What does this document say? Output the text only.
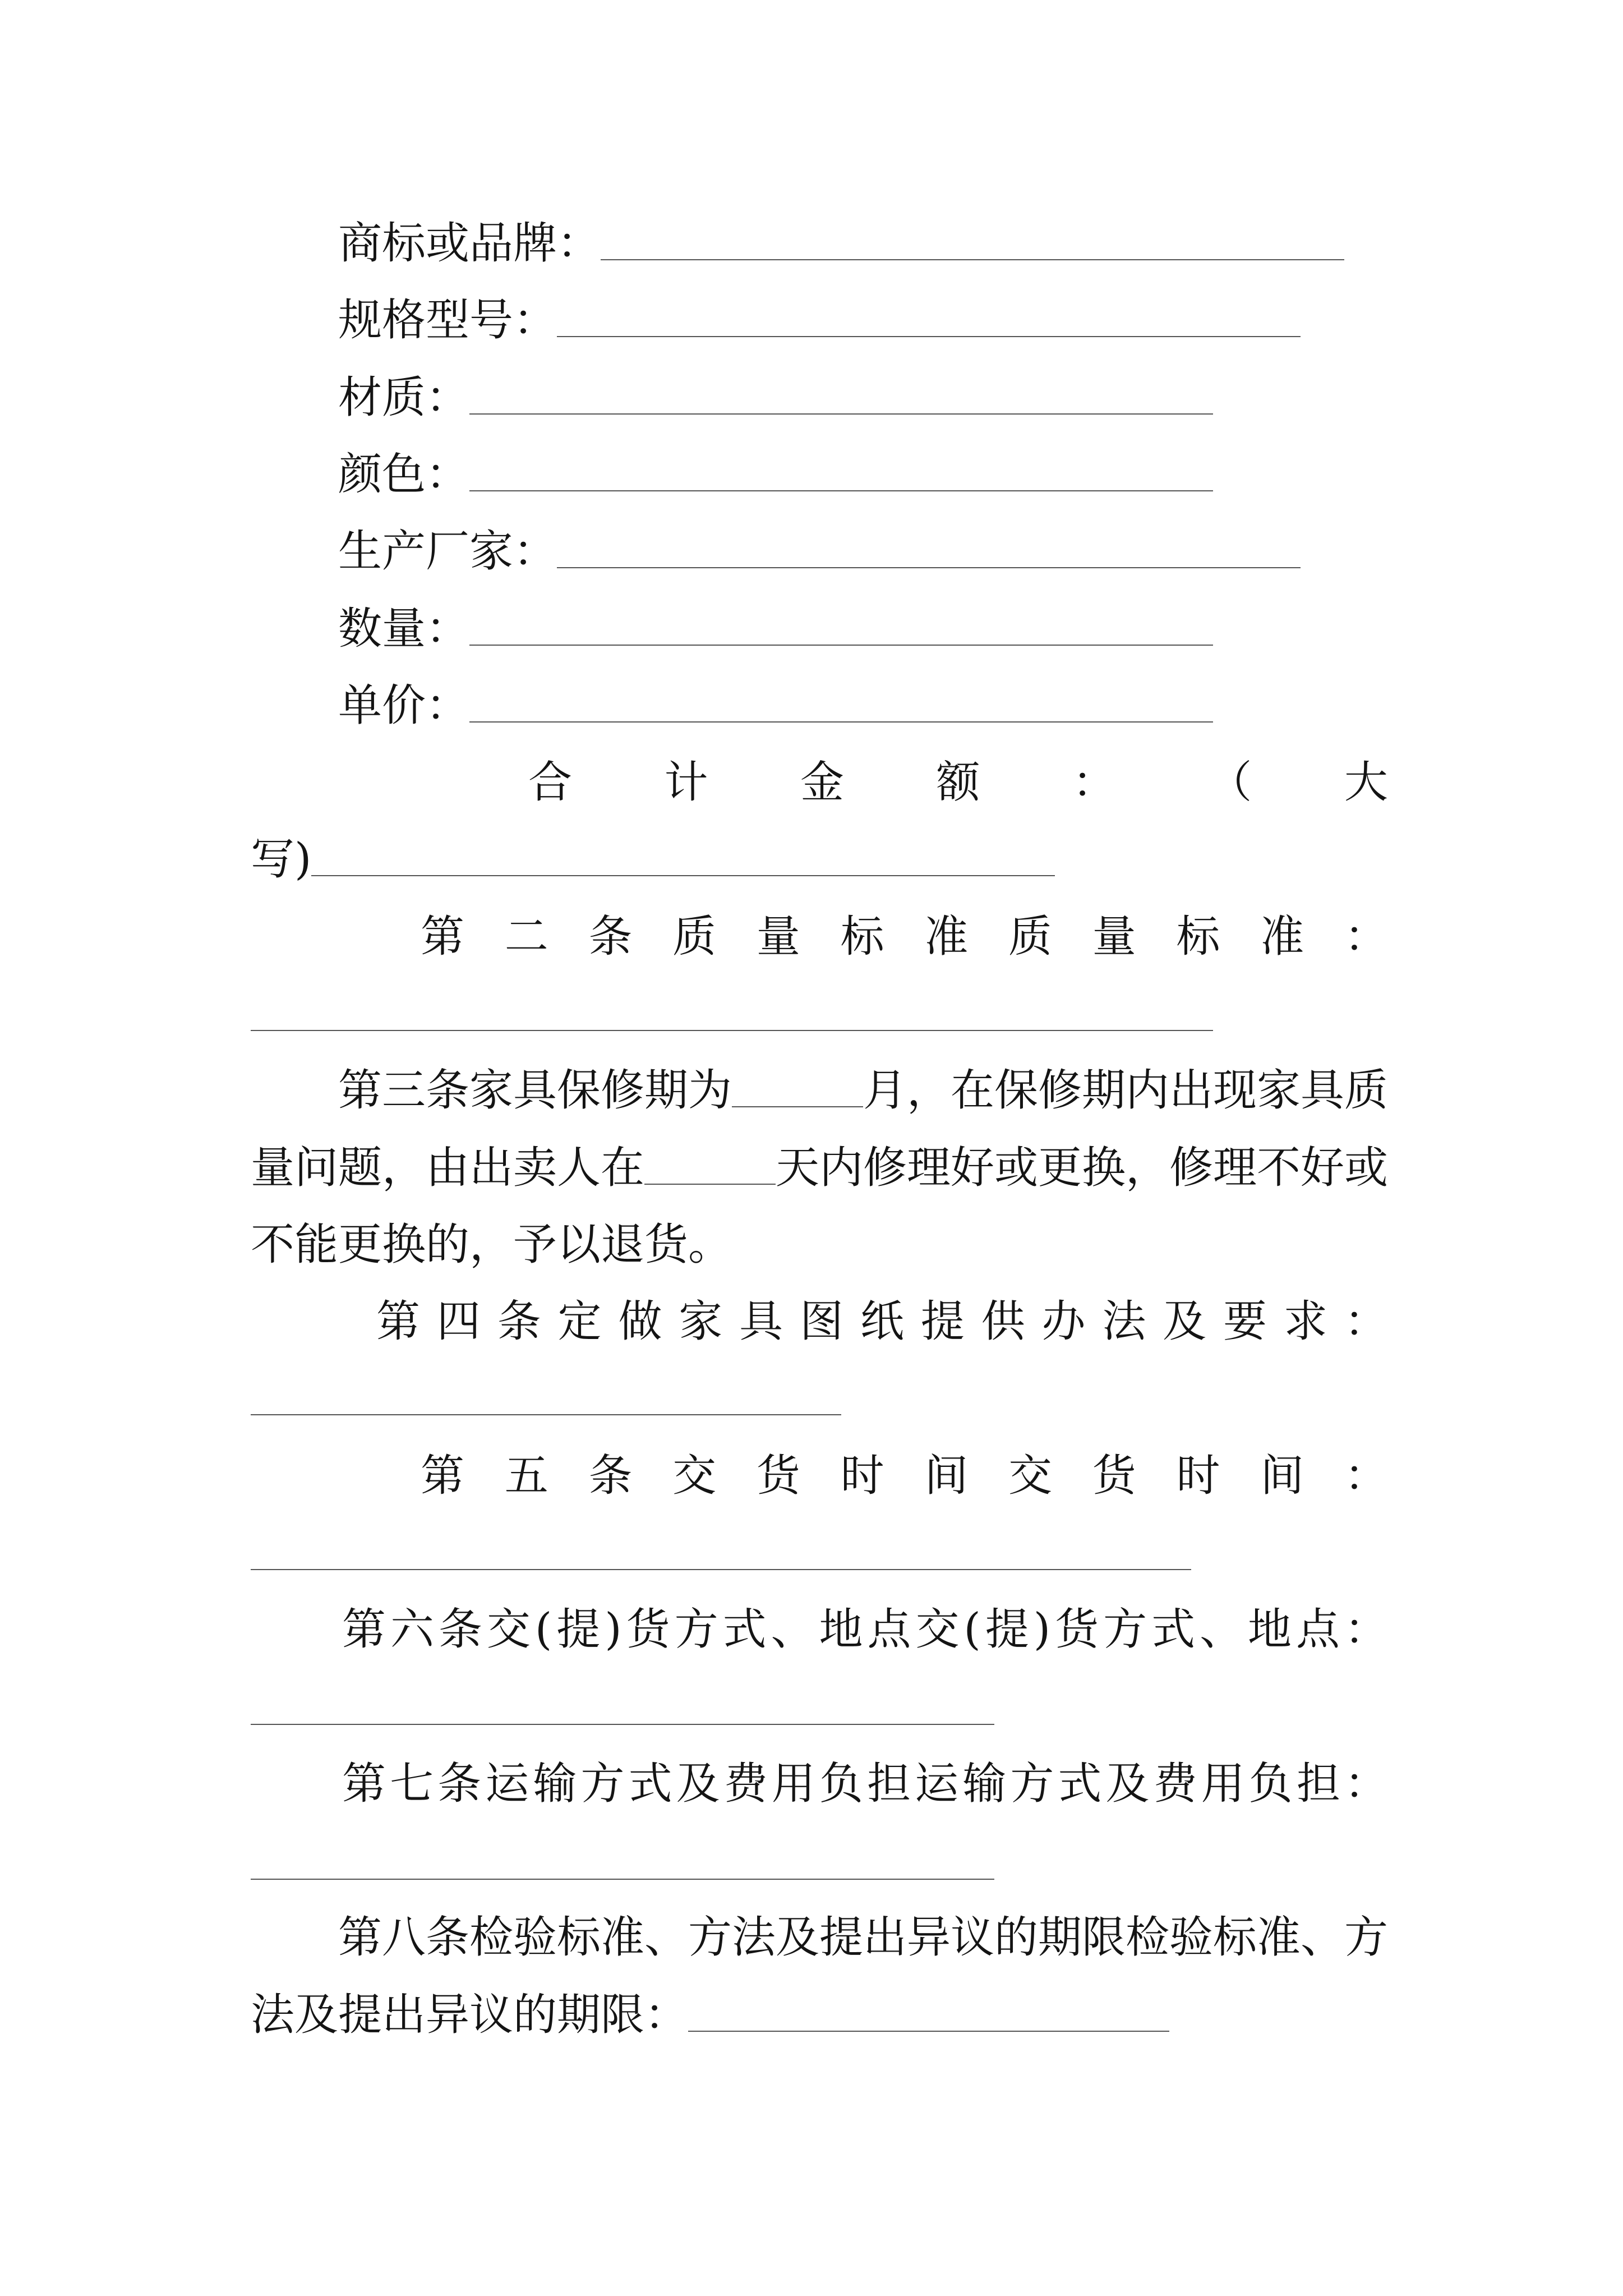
商标或品牌：
规格型号：
材质：
颜色：
生产厂家：
数量：
单价：
合 计 金 额 ： （ 大
写)
第 二 条 质 量 标 准 质 量 标 准 ：
第三条家具保修期为	月，在保修期内出现家具质
量问题，由出卖人在	天内修理好或更换，修理不好或
不能更换的，予以退货。
第 四 条 定 做 家 具 图 纸 提 供 办 法 及 要 求 ：
第 五 条 交 货 时 间 交 货 时 间 ：
第 六 条 交 ( 提 ) 货 方 式 、 地 点 交 ( 提 ) 货 方 式 、 地 点 ：
第 七 条 运 输 方 式 及 费 用 负 担 运 输 方 式 及 费 用 负 担 ：
第八条检验标准、方法及提出异议的期限检验标准、方
法及提出异议的期限：
